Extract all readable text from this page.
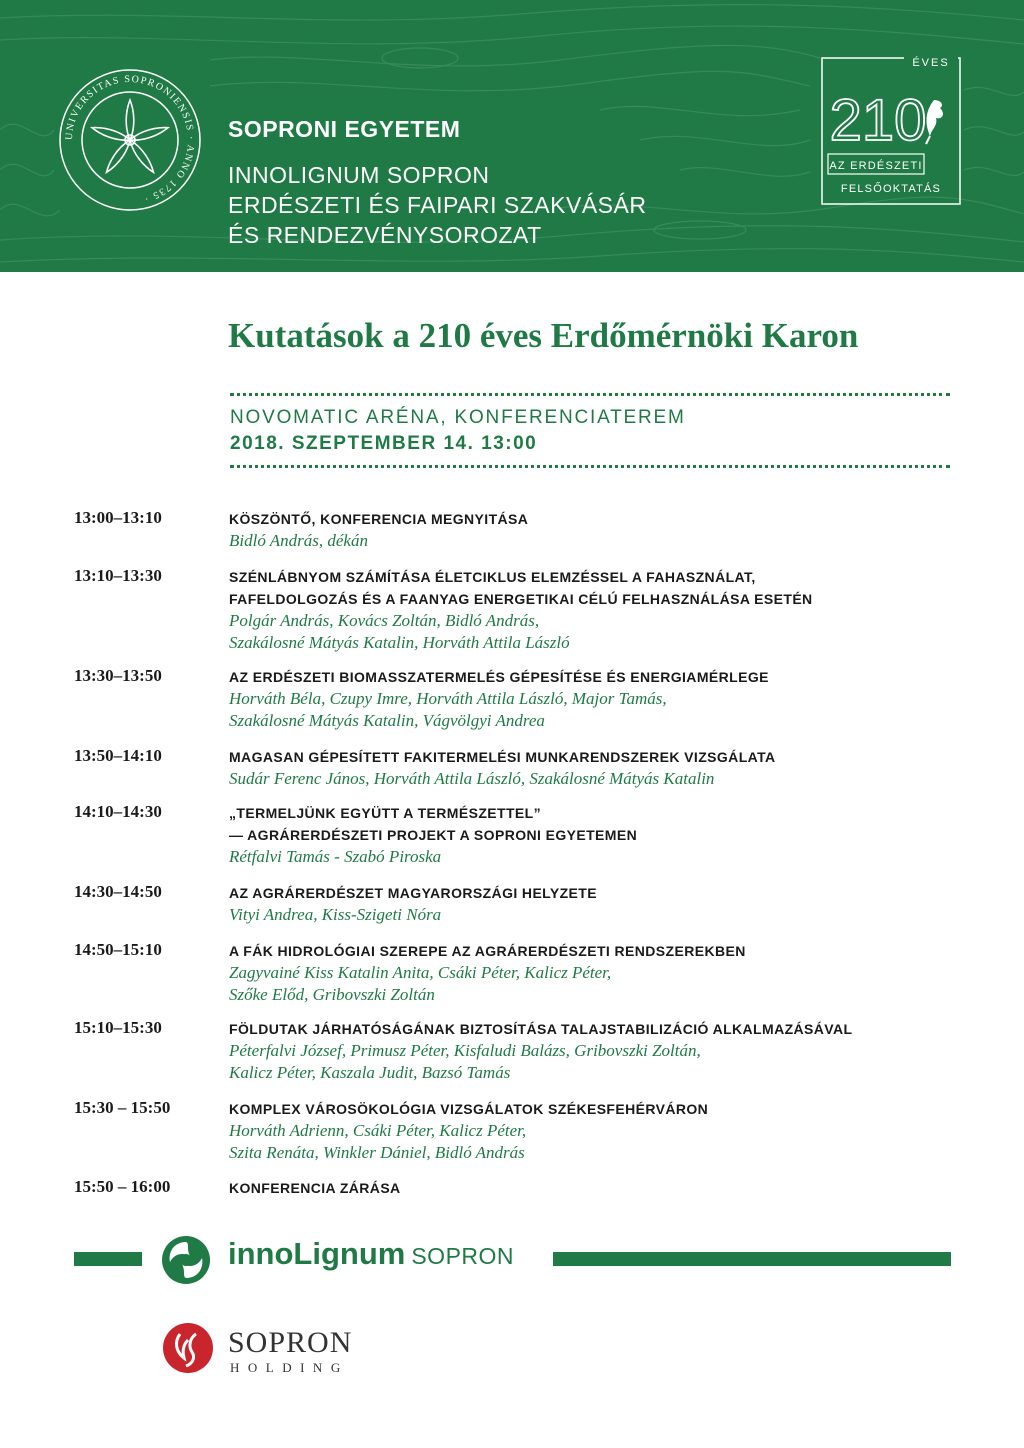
UNIVERSITAS SOPRONIENSIS · ANNO 1735 ·
SOPRONI EGYETEM
INNOLIGNUM SOPRON
ERDÉSZETI ÉS FAIPARI SZAKVÁSÁR
ÉS RENDEZVÉNYSOROZAT
ÉVES
210
AZ ERDÉSZETI
FELSŐOKTATÁS
Kutatások a 210 éves Erdőmérnöki Karon
NOVOMATIC ARÉNA, KONFERENCIATEREM
2018. SZEPTEMBER 14. 13:00
13:00–13:10	KÖSZÖNTŐ, KONFERENCIA MEGNYITÁSA
Bidló András, dékán
13:10–13:30	SZÉNLÁBNYOM SZÁMÍTÁSA ÉLETCIKLUS ELEMZÉSSEL A FAHASZNÁLAT,
FAFELDOLGOZÁS ÉS A FAANYAG ENERGETIKAI CÉLÚ FELHASZNÁLÁSA ESETÉN
Polgár András, Kovács Zoltán, Bidló András,
Szakálosné Mátyás Katalin, Horváth Attila László
13:30–13:50	AZ ERDÉSZETI BIOMASSZATERMELÉS GÉPESÍTÉSE ÉS ENERGIAMÉRLEGE
Horváth Béla, Czupy Imre, Horváth Attila László, Major Tamás,
Szakálosné Mátyás Katalin, Vágvölgyi Andrea
13:50–14:10	MAGASAN GÉPESÍTETT FAKITERMELÉSI MUNKARENDSZEREK VIZSGÁLATA
Sudár Ferenc János, Horváth Attila László, Szakálosné Mátyás Katalin
14:10–14:30	„TERMELJÜNK EGYÜTT A TERMÉSZETTEL”
— AGRÁRERDÉSZETI PROJEKT A SOPRONI EGYETEMEN
Rétfalvi Tamás - Szabó Piroska
14:30–14:50	AZ AGRÁRERDÉSZET MAGYARORSZÁGI HELYZETE
Vityi Andrea, Kiss-Szigeti Nóra
14:50–15:10	A FÁK HIDROLÓGIAI SZEREPE AZ AGRÁRERDÉSZETI RENDSZEREKBEN
Zagyvainé Kiss Katalin Anita, Csáki Péter, Kalicz Péter,
Szőke Előd, Gribovszki Zoltán
15:10–15:30	FÖLDUTAK JÁRHATÓSÁGÁNAK BIZTOSÍTÁSA TALAJSTABILIZÁCIÓ ALKALMAZÁSÁVAL
Péterfalvi József, Primusz Péter, Kisfaludi Balázs, Gribovszki Zoltán,
Kalicz Péter, Kaszala Judit, Bazsó Tamás
15:30 – 15:50	KOMPLEX VÁROSÖKOLÓGIA VIZSGÁLATOK SZÉKESFEHÉRVÁRON
Horváth Adrienn, Csáki Péter, Kalicz Péter,
Szita Renáta, Winkler Dániel, Bidló András
15:50 – 16:00	KONFERENCIA ZÁRÁSA
innoLignum SOPRON
SOPRON
HOLDING
